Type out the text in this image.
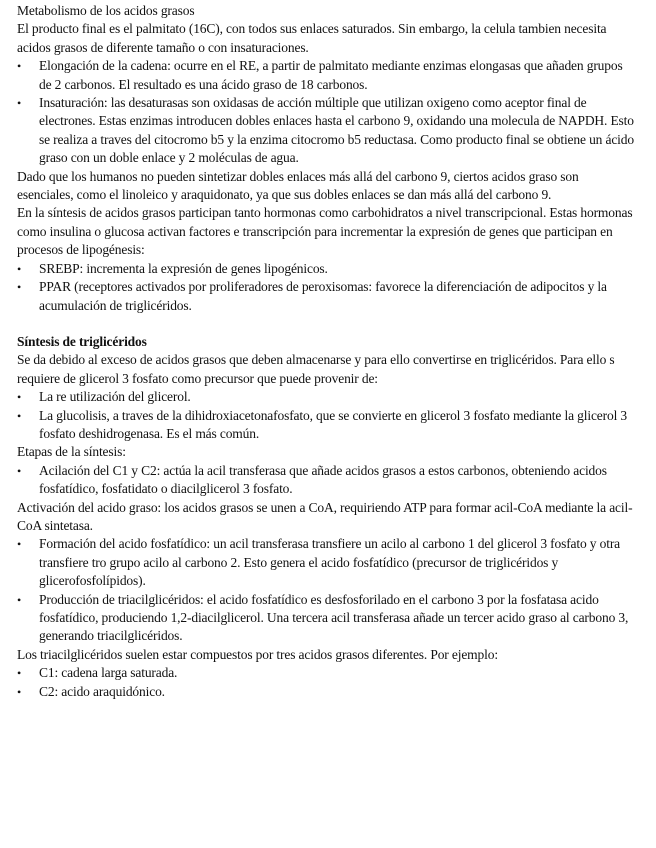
Metabolismo de los acidos grasos

El producto final es el palmitato (16C), con todos sus enlaces saturados. Sin embargo, la celula tambien necesita acidos grasos de diferente tamaño o con insaturaciones.

•	Elongación de la cadena: ocurre en el RE, a partir de palmitato mediante enzimas elongasas que añaden grupos de 2 carbonos. El resultado es una ácido graso de 18 carbonos.
•	Insaturación: las desaturasas son oxidasas de acción múltiple que utilizan oxigeno como aceptor final de electrones. Estas enzimas introducen dobles enlaces hasta el carbono 9, oxidando una molecula de NAPDH. Esto se realiza a traves del citocromo b5 y la enzima citocromo b5 reductasa. Como producto final se obtiene un ácido graso con un doble enlace y 2 moléculas de agua.

Dado que los humanos no pueden sintetizar dobles enlaces más allá del carbono 9, ciertos acidos graso son esenciales, como el linoleico y araquidonato, ya que sus dobles enlaces se dan más allá del carbono 9.

En la síntesis de acidos grasos participan tanto hormonas como carbohidratos a nivel transcripcional. Estas hormonas como insulina o glucosa activan factores e transcripción para incrementar la expresión de genes que participan en procesos de lipogénesis:

•	SREBP: incrementa la expresión de genes lipogénicos.
•	PPAR (receptores activados por proliferadores de peroxisomas: favorece la diferenciación de adipocitos y la acumulación de triglicéridos.

Síntesis de triglicéridos

Se da debido al exceso de acidos grasos que deben almacenarse y para ello convertirse en triglicéridos. Para ello s requiere de glicerol 3 fosfato como precursor que puede provenir de:

•	La re utilización del glicerol.
•	La glucolisis, a traves de la dihidroxiacetonafosfato, que se convierte en glicerol 3 fosfato mediante la glicerol 3 fosfato deshidrogenasa. Es el más común.

Etapas de la síntesis:

•	Acilación del C1 y C2: actúa la acil transferasa que añade acidos grasos a estos carbonos, obteniendo acidos fosfatídico, fosfatidato o diacilglicerol 3 fosfato.

Activación del acido graso: los acidos grasos se unen a CoA, requiriendo ATP para formar acil-CoA mediante la acil-CoA sintetasa.

•	Formación del acido fosfatídico: un acil transferasa transfiere un acilo al carbono 1 del glicerol 3 fosfato y otra transfiere tro grupo acilo al carbono 2. Esto genera el acido fosfatídico (precursor de triglicéridos y glicerofosfolípidos).
•	Producción de triacilglicéridos: el acido fosfatídico es desfosforilado en el carbono 3 por la fosfatasa acido fosfatídico, produciendo 1,2-diacilglicerol. Una tercera acil transferasa añade un tercer acido graso al carbono 3, generando triacilglicéridos.

Los triacilglicéridos suelen estar compuestos por tres acidos grasos diferentes. Por ejemplo:

•	C1: cadena larga saturada.
•	C2: acido araquidónico.
